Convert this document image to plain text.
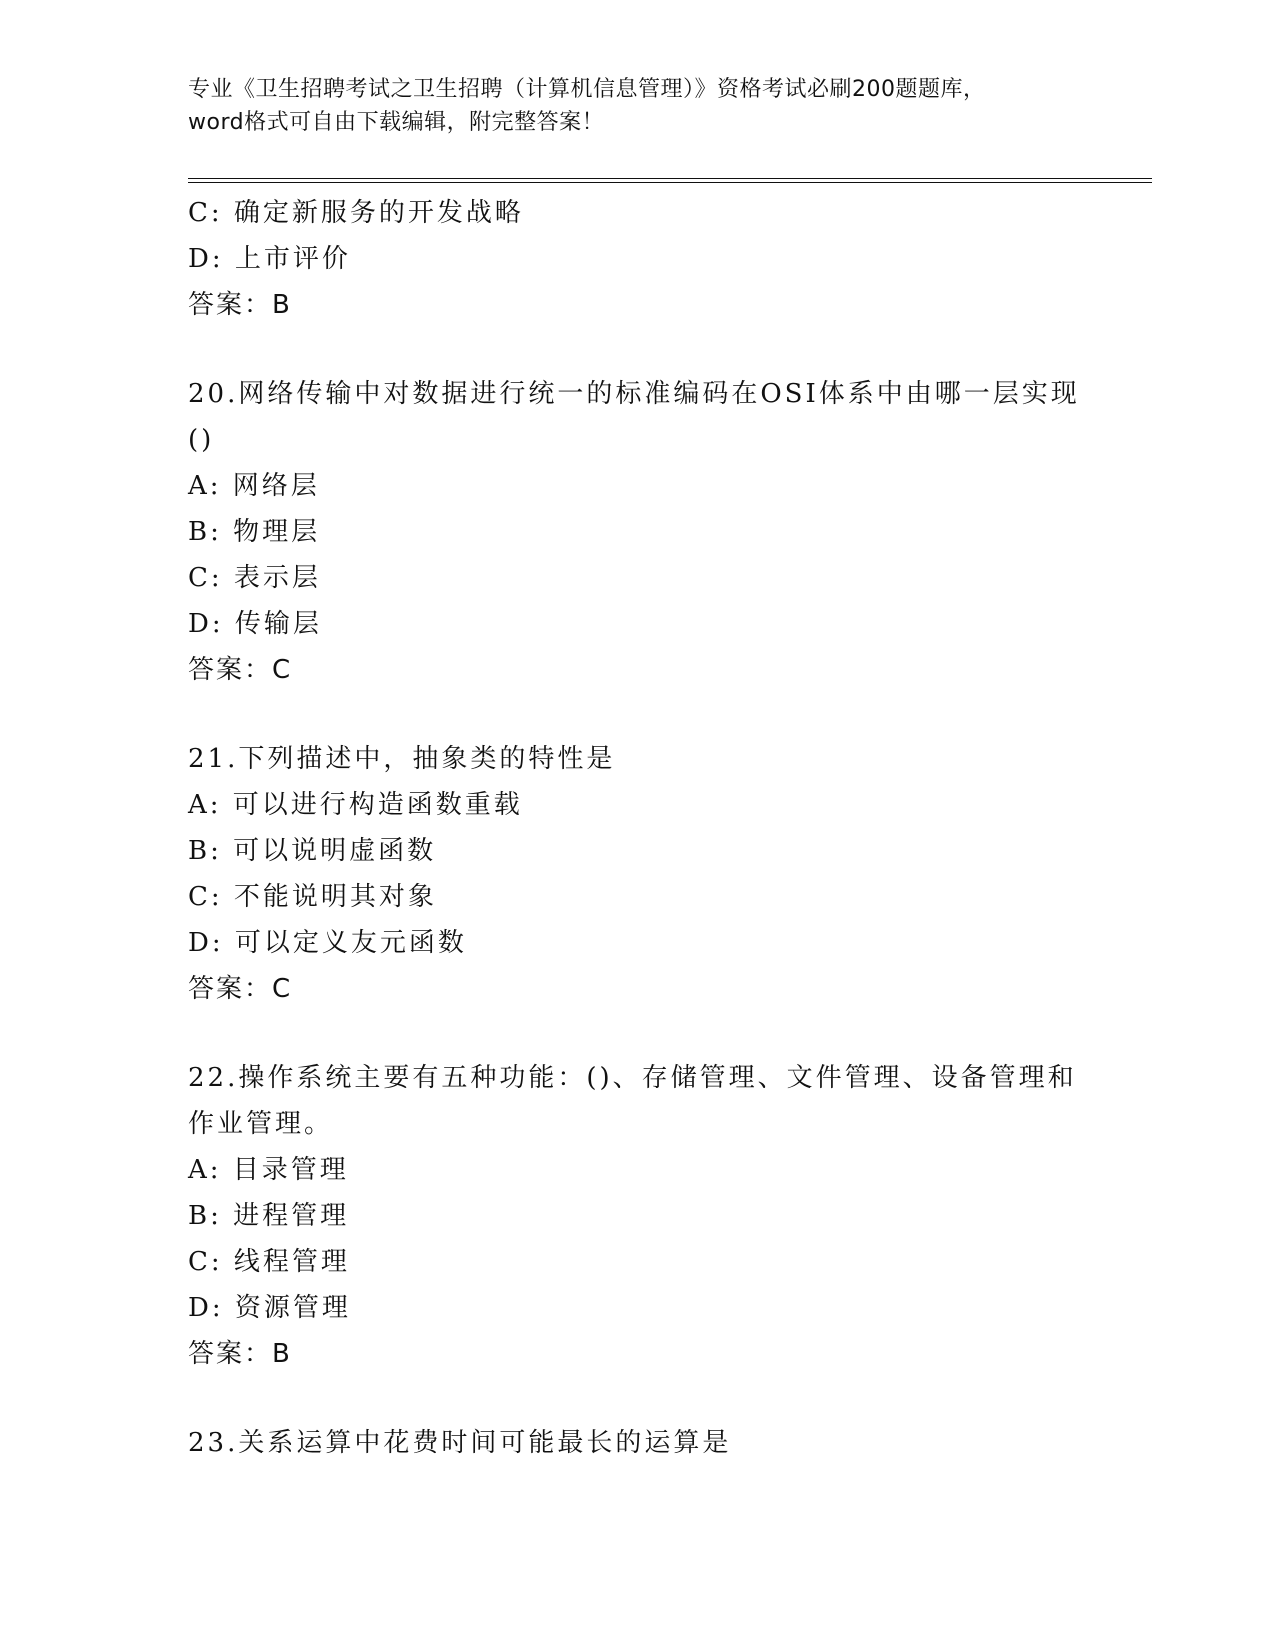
专业《卫生招聘考试之卫生招聘（计算机信息管理）》资格考试必刷200题题库，
word格式可自由下载编辑，附完整答案！
C: 确定新服务的开发战略
D: 上市评价
答案：B
20.网络传输中对数据进行统一的标准编码在OSI体系中由哪一层实现
()
A: 网络层
B: 物理层
C: 表示层
D: 传输层
答案：C
21.下列描述中，抽象类的特性是
A: 可以进行构造函数重载
B: 可以说明虚函数
C: 不能说明其对象
D: 可以定义友元函数
答案：C
22.操作系统主要有五种功能：()、存储管理、文件管理、设备管理和
作业管理。
A: 目录管理
B: 进程管理
C: 线程管理
D: 资源管理
答案：B
23.关系运算中花费时间可能最长的运算是
